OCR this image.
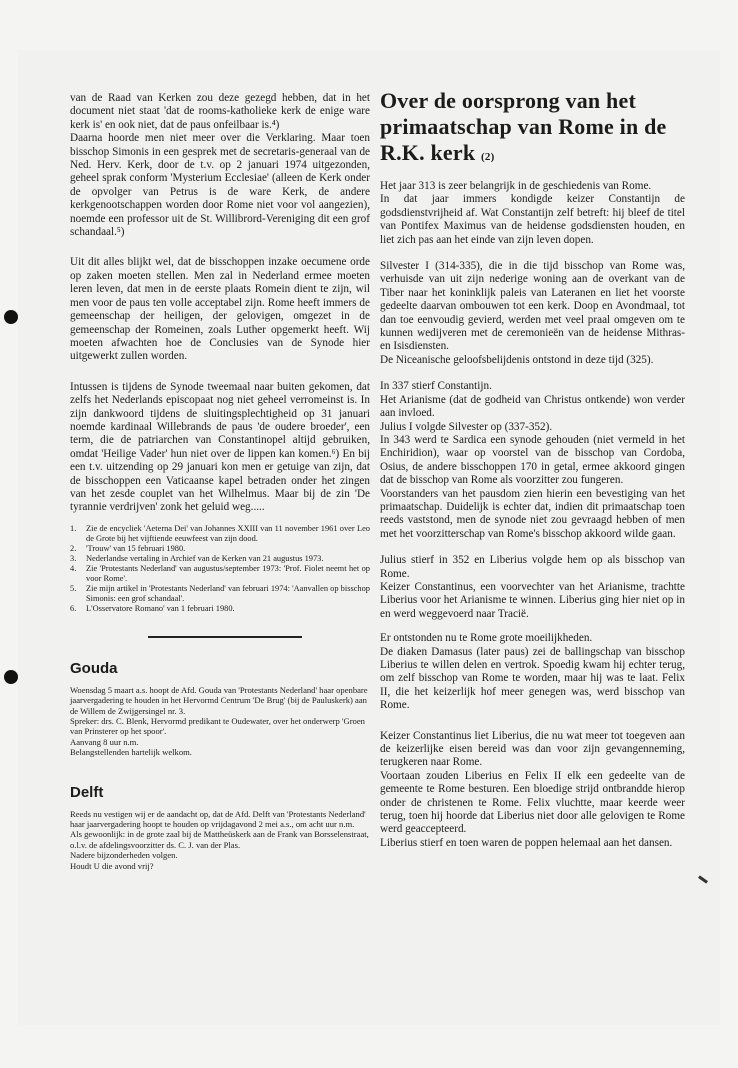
van de Raad van Kerken zou deze gezegd hebben, dat in het document niet staat 'dat de rooms-katholieke kerk de enige ware kerk is' en ook niet, dat de paus onfeilbaar is.⁴)

Daarna hoorde men niet meer over die Verklaring. Maar toen bisschop Simonis in een gesprek met de secretaris-generaal van de Ned. Herv. Kerk, door de t.v. op 2 januari 1974 uitgezonden, geheel sprak conform 'Mysterium Ecclesiae' (alleen de Kerk onder de opvolger van Petrus is de ware Kerk, de andere kerkgenootschappen worden door Rome niet voor vol aangezien), noemde een professor uit de St. Willibrord-Vereniging dit een grof schandaal.⁵)

Uit dit alles blijkt wel, dat de bisschoppen inzake oecumene orde op zaken moeten stellen. Men zal in Nederland ermee moeten leren leven, dat men in de eerste plaats Romein dient te zijn, wil men voor de paus ten volle acceptabel zijn. Rome heeft immers de gemeenschap der heiligen, der gelovigen, omgezet in de gemeenschap der Romeinen, zoals Luther opgemerkt heeft. Wij moeten afwachten hoe de Conclusies van de Synode hier uitgewerkt zullen worden.

Intussen is tijdens de Synode tweemaal naar buiten gekomen, dat zelfs het Nederlands episcopaat nog niet geheel verromeinst is. In zijn dankwoord tijdens de sluitingsplechtigheid op 31 januari noemde kardinaal Willebrands de paus 'de oudere broeder', een term, die de patriarchen van Constantinopel altijd gebruiken, omdat 'Heilige Vader' hun niet over de lippen kan komen.⁶) En bij een t.v. uitzending op 29 januari kon men er getuige van zijn, dat de bisschoppen een Vaticaanse kapel betraden onder het zingen van het zesde couplet van het Wilhelmus. Maar bij de zin 'De tyrannie verdrijven' zonk het geluid weg.....

1. Zie de encycliek 'Aeterna Dei' van Johannes XXIII van 11 november 1961 over Leo de Grote bij het vijftiende eeuwfeest van zijn dood.
2. 'Trouw' van 15 februari 1980.
3. Nederlandse vertaling in Archief van de Kerken van 21 augustus 1973.
4. Zie 'Protestants Nederland' van augustus/september 1973: 'Prof. Fiolet neemt het op voor Rome'.
5. Zie mijn artikel in 'Protestants Nederland' van februari 1974: 'Aanvallen op bisschop Simonis: een grof schandaal'.
6. L'Osservatore Romano' van 1 februari 1980.
Gouda

Woensdag 5 maart a.s. hoopt de Afd. Gouda van 'Protestants Nederland' haar openbare jaarvergadering te houden in het Hervormd Centrum 'De Brug' (bij de Pauluskerk) aan de Willem de Zwijgersingel nr. 3.

Spreker: drs. C. Blenk, Hervormd predikant te Oudewater, over het onderwerp 'Groen van Prinsterer op het spoor'.

Aanvang 8 uur n.m.

Belangstellenden hartelijk welkom.

Delft

Reeds nu vestigen wij er de aandacht op, dat de Afd. Delft van 'Protestants Nederland' haar jaarvergadering hoopt te houden op vrijdagavond 2 mei a.s., om acht uur n.m.

Als gewoonlijk: in de grote zaal bij de Mattheüskerk aan de Frank van Borsselenstraat, o.l.v. de afdelingsvoorzitter ds. C. J. van der Plas.

Nadere bijzonderheden volgen.

Houdt U die avond vrij?

Over de oorsprong van het primaatschap van Rome in de R.K. kerk (2)

Het jaar 313 is zeer belangrijk in de geschiedenis van Rome.

In dat jaar immers kondigde keizer Constantijn de godsdienstvrijheid af. Wat Constantijn zelf betreft: hij bleef de titel van Pontifex Maximus van de heidense godsdiensten houden, en liet zich pas aan het einde van zijn leven dopen.

Silvester I (314-335), die in die tijd bisschop van Rome was, verhuisde van uit zijn nederige woning aan de overkant van de Tiber naar het koninklijk paleis van Lateranen en liet het voorste gedeelte daarvan ombouwen tot een kerk. Doop en Avondmaal, tot dan toe eenvoudig gevierd, werden met veel praal omgeven om te kunnen wedijveren met de ceremonieën van de heidense Mithras- en Isisdiensten.

De Niceanische geloofsbelijdenis ontstond in deze tijd (325).

In 337 stierf Constantijn.

Het Arianisme (dat de godheid van Christus ontkende) won verder aan invloed.

Julius I volgde Silvester op (337-352).

In 343 werd te Sardica een synode gehouden (niet vermeld in het Enchiridion), waar op voorstel van de bisschop van Cordoba, Osius, de andere bisschoppen 170 in getal, ermee akkoord gingen dat de bisschop van Rome als voorzitter zou fungeren.

Voorstanders van het pausdom zien hierin een bevestiging van het primaatschap. Duidelijk is echter dat, indien dit primaatschap toen reeds vaststond, men de synode niet zou gevraagd hebben of men met het voorzitterschap van Rome's bisschop akkoord wilde gaan.

Julius stierf in 352 en Liberius volgde hem op als bisschop van Rome.

Keizer Constantinus, een voorvechter van het Arianisme, trachtte Liberius voor het Arianisme te winnen. Liberius ging hier niet op in en werd weggevoerd naar Tracië.

Er ontstonden nu te Rome grote moeilijkheden.

De diaken Damasus (later paus) zei de ballingschap van bisschop Liberius te willen delen en vertrok. Spoedig kwam hij echter terug, om zelf bisschop van Rome te worden, maar hij was te laat. Felix II, die het keizerlijk hof meer genegen was, werd bisschop van Rome.

Keizer Constantinus liet Liberius, die nu wat meer tot toegeven aan de keizerlijke eisen bereid was dan voor zijn gevangenneming, terugkeren naar Rome.

Voortaan zouden Liberius en Felix II elk een gedeelte van de gemeente te Rome besturen. Een bloedige strijd ontbrandde hierop onder de christenen te Rome. Felix vluchtte, maar keerde weer terug, toen hij hoorde dat Liberius niet door alle gelovigen te Rome werd geaccepteerd.

Liberius stierf en toen waren de poppen helemaal aan het dansen.
